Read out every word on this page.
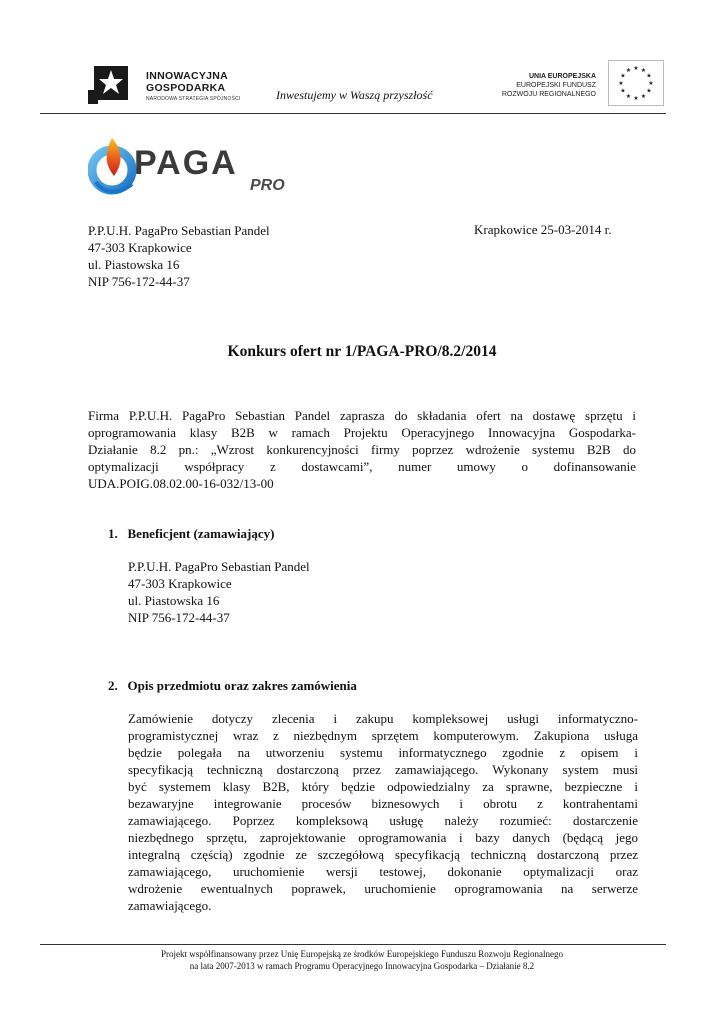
INNOWACYJNA
GOSPODARKA
NARODOWA STRATEGIA SPÓJNOŚCI	Inwestujemy w Waszą przyszłość
UNIA EUROPEJSKA
EUROPEJSKI FUNDUSZ
ROZWOJU REGIONALNEGO
★ ★
★
★
★
★
★
★
★
★
★
★
PAGA
PRO
P.P.U.H. PagaPro Sebastian Pandel
47-303 Krapkowice
ul. Piastowska 16
NIP 756-172-44-37
Krapkowice 25-03-2014 r.
Konkurs ofert nr 1/PAGA-PRO/8.2/2014
Firma P.P.U.H. PagaPro Sebastian Pandel zaprasza do składania ofert na dostawę sprzętu i
oprogramowania klasy B2B w ramach Projektu Operacyjnego Innowacyjna Gospodarka-
Działanie 8.2 pn.: „Wzrost konkurencyjności firmy poprzez wdrożenie systemu B2B do
optymalizacji współpracy z dostawcami”, numer umowy o dofinansowanie
UDA.POIG.08.02.00-16-032/13-00
1.   Beneficjent (zamawiający)
P.P.U.H. PagaPro Sebastian Pandel
47-303 Krapkowice
ul. Piastowska 16
NIP 756-172-44-37
2.   Opis przedmiotu oraz zakres zamówienia
Zamówienie dotyczy zlecenia i zakupu kompleksowej usługi informatyczno-
programistycznej wraz z niezbędnym sprzętem komputerowym. Zakupiona usługa
będzie polegała na utworzeniu systemu informatycznego zgodnie z opisem i
specyfikacją techniczną dostarczoną przez zamawiającego. Wykonany system musi
być systemem klasy B2B, który będzie odpowiedzialny za sprawne, bezpieczne i
bezawaryjne integrowanie procesów biznesowych i obrotu z kontrahentami
zamawiającego. Poprzez kompleksową usługę należy rozumieć: dostarczenie
niezbędnego sprzętu, zaprojektowanie oprogramowania i bazy danych (będącą jego
integralną częścią) zgodnie ze szczegółową specyfikacją techniczną dostarczoną przez
zamawiającego, uruchomienie wersji testowej, dokonanie optymalizacji oraz
wdrożenie ewentualnych poprawek, uruchomienie oprogramowania na serwerze
zamawiającego.
Projekt współfinansowany przez Unię Europejską ze środków Europejskiego Funduszu Rozwoju Regionalnego
na lata 2007-2013 w ramach Programu Operacyjnego Innowacyjna Gospodarka – Działanie 8.2
